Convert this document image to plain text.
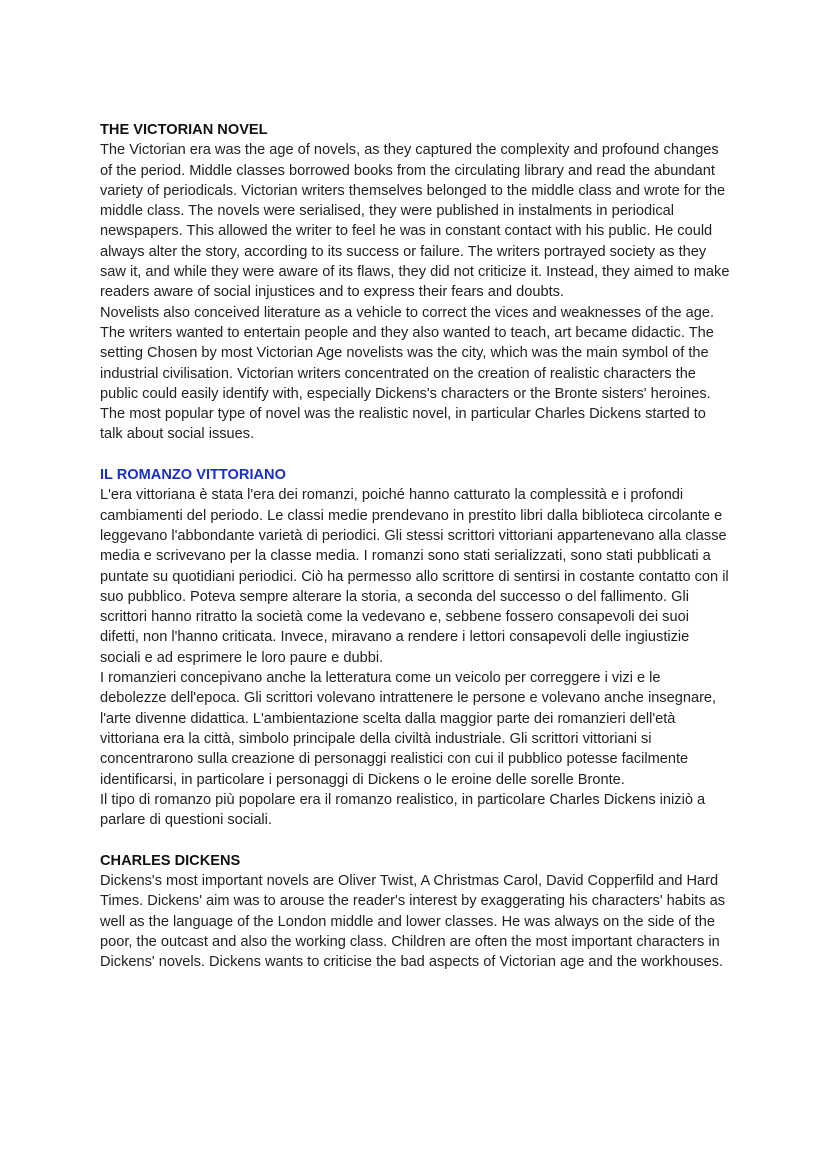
THE VICTORIAN NOVEL

The Victorian era was the age of novels, as they captured the complexity and profound changes of the period. Middle classes borrowed books from the circulating library and read the abundant variety of periodicals. Victorian writers themselves belonged to the middle class and wrote for the middle class. The novels were serialised, they were published in instalments in periodical newspapers. This allowed the writer to feel he was in constant contact with his public. He could always alter the story, according to its success or failure. The writers portrayed society as they saw it, and while they were aware of its flaws, they did not criticize it. Instead, they aimed to make readers aware of social injustices and to express their fears and doubts.

Novelists also conceived literature as a vehicle to correct the vices and weaknesses of the age. The writers wanted to entertain people and they also wanted to teach, art became didactic. The setting Chosen by most Victorian Age novelists was the city, which was the main symbol of the industrial civilisation. Victorian writers concentrated on the creation of realistic characters the public could easily identify with, especially Dickens's characters or the Bronte sisters' heroines.

The most popular type of novel was the realistic novel, in particular Charles Dickens started to talk about social issues.

IL ROMANZO VITTORIANO

L'era vittoriana è stata l'era dei romanzi, poiché hanno catturato la complessità e i profondi cambiamenti del periodo. Le classi medie prendevano in prestito libri dalla biblioteca circolante e leggevano l'abbondante varietà di periodici. Gli stessi scrittori vittoriani appartenevano alla classe media e scrivevano per la classe media. I romanzi sono stati serializzati, sono stati pubblicati a puntate su quotidiani periodici. Ciò ha permesso allo scrittore di sentirsi in costante contatto con il suo pubblico. Poteva sempre alterare la storia, a seconda del successo o del fallimento. Gli scrittori hanno ritratto la società come la vedevano e, sebbene fossero consapevoli dei suoi difetti, non l'hanno criticata. Invece, miravano a rendere i lettori consapevoli delle ingiustizie sociali e ad esprimere le loro paure e dubbi.

I romanzieri concepivano anche la letteratura come un veicolo per correggere i vizi e le debolezze dell'epoca. Gli scrittori volevano intrattenere le persone e volevano anche insegnare, l'arte divenne didattica. L'ambientazione scelta dalla maggior parte dei romanzieri dell'età vittoriana era la città, simbolo principale della civiltà industriale. Gli scrittori vittoriani si concentrarono sulla creazione di personaggi realistici con cui il pubblico potesse facilmente identificarsi, in particolare i personaggi di Dickens o le eroine delle sorelle Bronte.

Il tipo di romanzo più popolare era il romanzo realistico, in particolare Charles Dickens iniziò a parlare di questioni sociali.

CHARLES DICKENS

Dickens's most important novels are Oliver Twist, A Christmas Carol, David Copperfild and Hard Times. Dickens' aim was to arouse the reader's interest by exaggerating his characters' habits as well as the language of the London middle and lower classes. He was always on the side of the poor, the outcast and also the working class. Children are often the most important characters in Dickens' novels. Dickens wants to criticise the bad aspects of Victorian age and the workhouses.
